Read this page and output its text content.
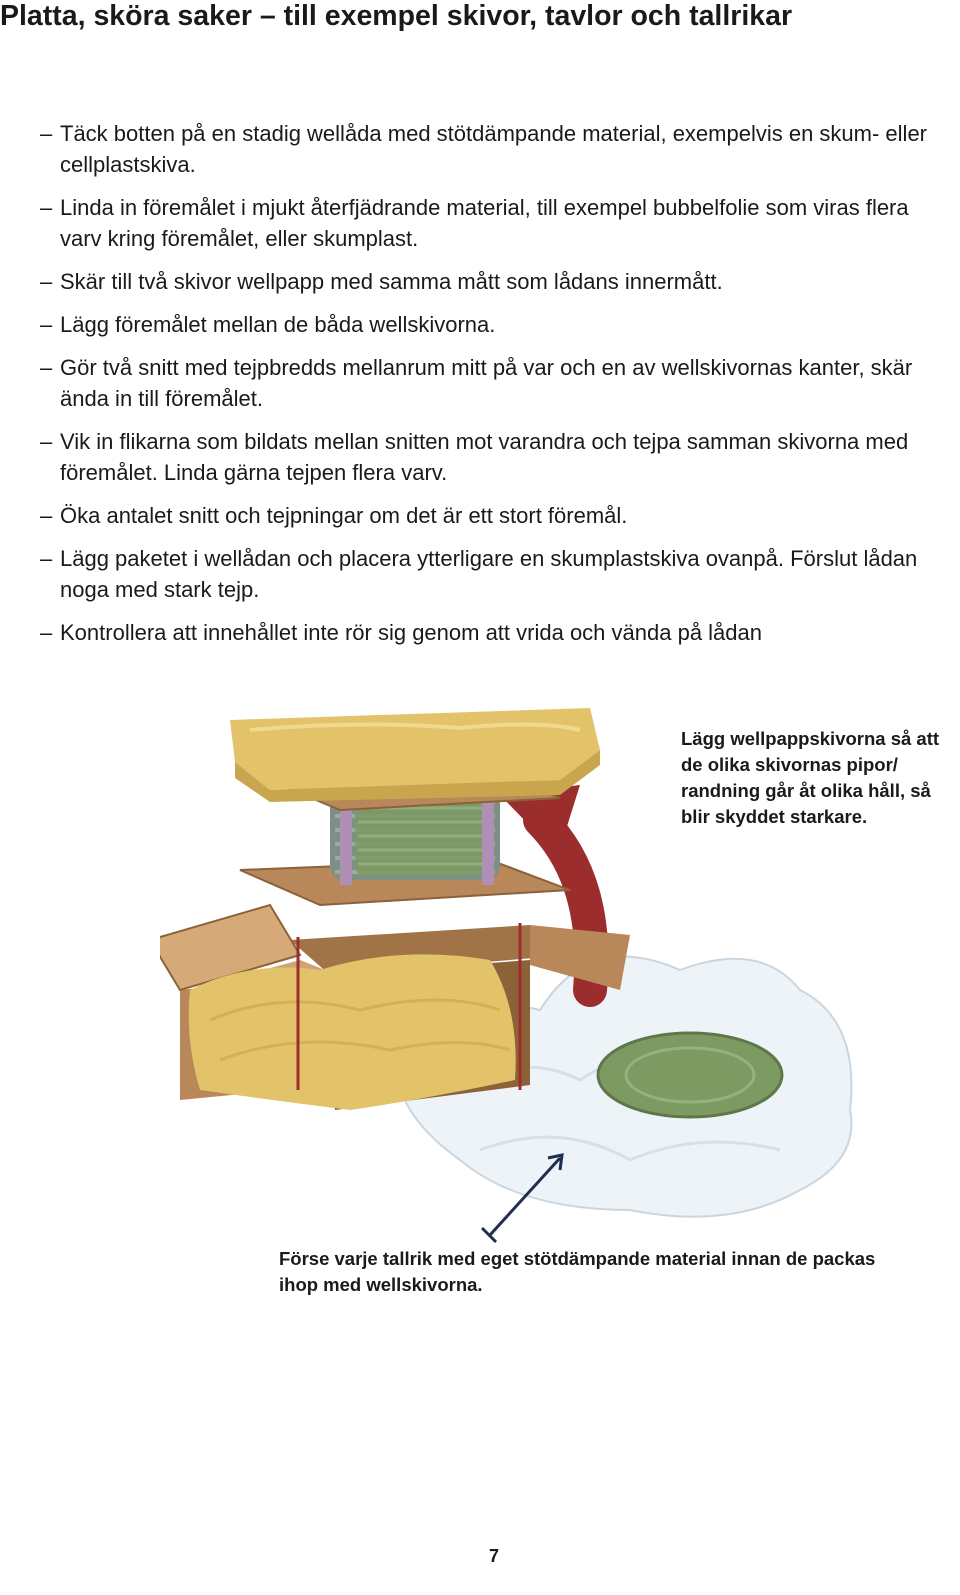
Platta, sköra saker – till exempel skivor, tavlor och tallrikar
– Täck botten på en stadig wellåda med stötdämpande material, exempelvis en skum- eller cellplastskiva.
– Linda in föremålet i mjukt återfjädrande material, till exempel bubbelfolie som viras flera varv kring föremålet, eller skumplast.
– Skär till två skivor wellpapp med samma mått som lådans innermått.
– Lägg föremålet mellan de båda wellskivorna.
– Gör två snitt med tejpbredds mellanrum mitt på var och en av wellskivornas kanter, skär ända in till föremålet.
– Vik in flikarna som bildats mellan snitten mot varandra och tejpa samman skivorna med föremålet. Linda gärna tejpen flera varv.
– Öka antalet snitt och tejpningar om det är ett stort föremål.
– Lägg paketet i wellådan och placera ytterligare en skumplastskiva ovanpå. Förslut lådan noga med stark tejp.
– Kontrollera att innehållet inte rör sig genom att vrida och vända på lådan
Lägg wellpappskivorna så att de olika skivornas pipor/ randning går åt olika håll, så blir skyddet starkare.
Förse varje tallrik med eget stötdämpande material innan de packas ihop med wellskivorna.
7
